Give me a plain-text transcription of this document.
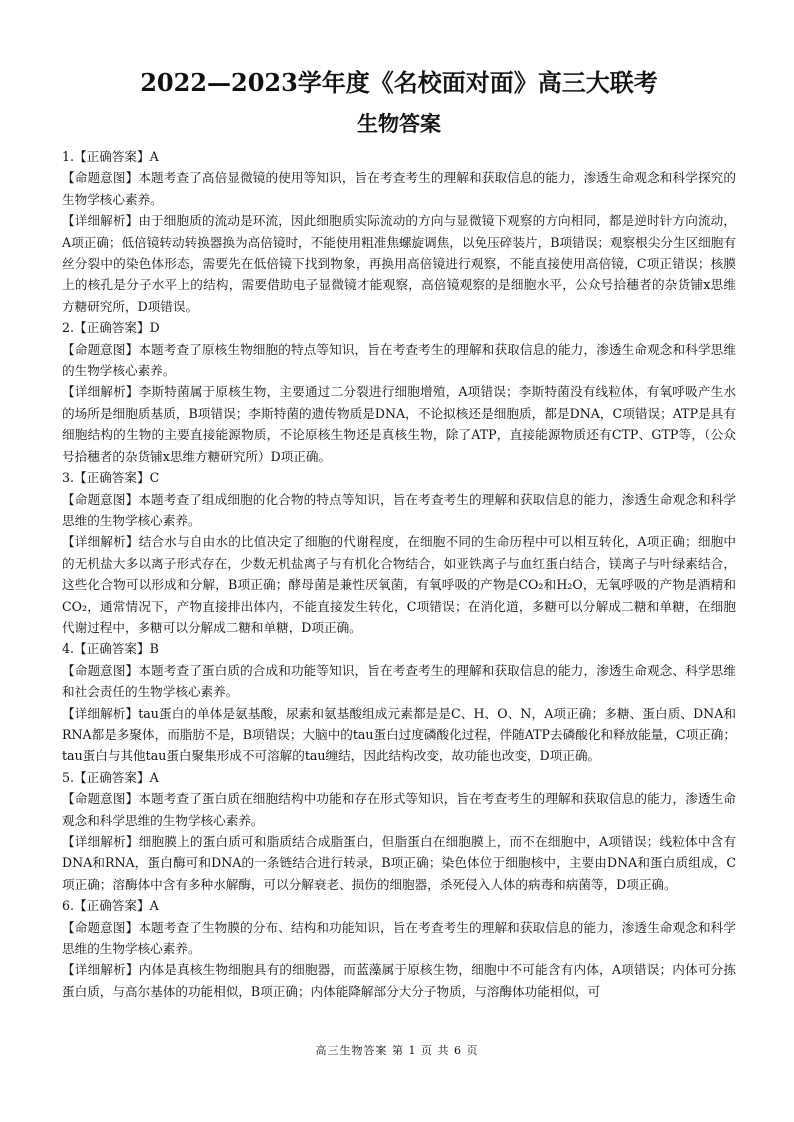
2022—2023学年度《名校面对面》高三大联考
生物答案

1.【正确答案】A

【命题意图】本题考查了高倍显微镜的使用等知识，旨在考查考生的理解和获取信息的能力，渗透生命观念和科学探究的生物学核心素养。

【详细解析】由于细胞质的流动是环流，因此细胞质实际流动的方向与显微镜下观察的方向相同，都是逆时针方向流动，A项正确；低倍镜转动转换器换为高倍镜时，不能使用粗准焦螺旋调焦，以免压碎装片，B项错误；观察根尖分生区细胞有丝分裂中的染色体形态，需要先在低倍镜下找到物象，再换用高倍镜进行观察，不能直接使用高倍镜，C项正错误；核膜上的核孔是分子水平上的结构，需要借助电子显微镜才能观察，高倍镜观察的是细胞水平，公众号拾穗者的杂货铺x思维方糖研究所，D项错误。

2.【正确答案】D

【命题意图】本题考查了原核生物细胞的特点等知识，旨在考查考生的理解和获取信息的能力，渗透生命观念和科学思维的生物学核心素养。

【详细解析】李斯特菌属于原核生物，主要通过二分裂进行细胞增殖，A项错误；李斯特菌没有线粒体，有氧呼吸产生水的场所是细胞质基质，B项错误；李斯特菌的遗传物质是DNA，不论拟核还是细胞质，都是DNA，C项错误；ATP是具有细胞结构的生物的主要直接能源物质，不论原核生物还是真核生物，除了ATP，直接能源物质还有CTP、GTP等，（公众号拾穗者的杂货铺x思维方糖研究所）D项正确。

3.【正确答案】C

【命题意图】本题考查了组成细胞的化合物的特点等知识，旨在考查考生的理解和获取信息的能力，渗透生命观念和科学思维的生物学核心素养。

【详细解析】结合水与自由水的比值决定了细胞的代谢程度，在细胞不同的生命历程中可以相互转化，A项正确；细胞中的无机盐大多以离子形式存在，少数无机盐离子与有机化合物结合，如亚铁离子与血红蛋白结合，镁离子与叶绿素结合，这些化合物可以形成和分解，B项正确；酵母菌是兼性厌氧菌，有氧呼吸的产物是CO₂和H₂O，无氧呼吸的产物是酒精和CO₂，通常情况下，产物直接排出体内，不能直接发生转化，C项错误；在消化道，多糖可以分解成二糖和单糖，在细胞代谢过程中，多糖可以分解成二糖和单糖，D项正确。

4.【正确答案】B

【命题意图】本题考查了蛋白质的合成和功能等知识，旨在考查考生的理解和获取信息的能力，渗透生命观念、科学思维和社会责任的生物学核心素养。

【详细解析】tau蛋白的单体是氨基酸，尿素和氨基酸组成元素都是是C、H、O、N，A项正确；多糖、蛋白质、DNA和RNA都是多聚体，而脂肪不是，B项错误；大脑中的tau蛋白过度磷酸化过程，伴随ATP去磷酸化和释放能量，C项正确；tau蛋白与其他tau蛋白聚集形成不可溶解的tau缠结，因此结构改变，故功能也改变，D项正确。

5.【正确答案】A

【命题意图】本题考查了蛋白质在细胞结构中功能和存在形式等知识，旨在考查考生的理解和获取信息的能力，渗透生命观念和科学思维的生物学核心素养。

【详细解析】细胞膜上的蛋白质可和脂质结合成脂蛋白，但脂蛋白在细胞膜上，而不在细胞中，A项错误；线粒体中含有DNA和RNA，蛋白酶可和DNA的一条链结合进行转录，B项正确；染色体位于细胞核中，主要由DNA和蛋白质组成，C项正确；溶酶体中含有多种水解酶，可以分解衰老、损伤的细胞器，杀死侵入人体的病毒和病菌等，D项正确。

6.【正确答案】A

【命题意图】本题考查了生物膜的分布、结构和功能知识，旨在考查考生的理解和获取信息的能力，渗透生命观念和科学思维的生物学核心素养。

【详细解析】内体是真核生物细胞具有的细胞器，而蓝藻属于原核生物，细胞中不可能含有内体，A项错误；内体可分拣蛋白质，与高尔基体的功能相似，B项正确；内体能降解部分大分子物质，与溶酶体功能相似，可

高三生物答案 第 1 页 共 6 页
